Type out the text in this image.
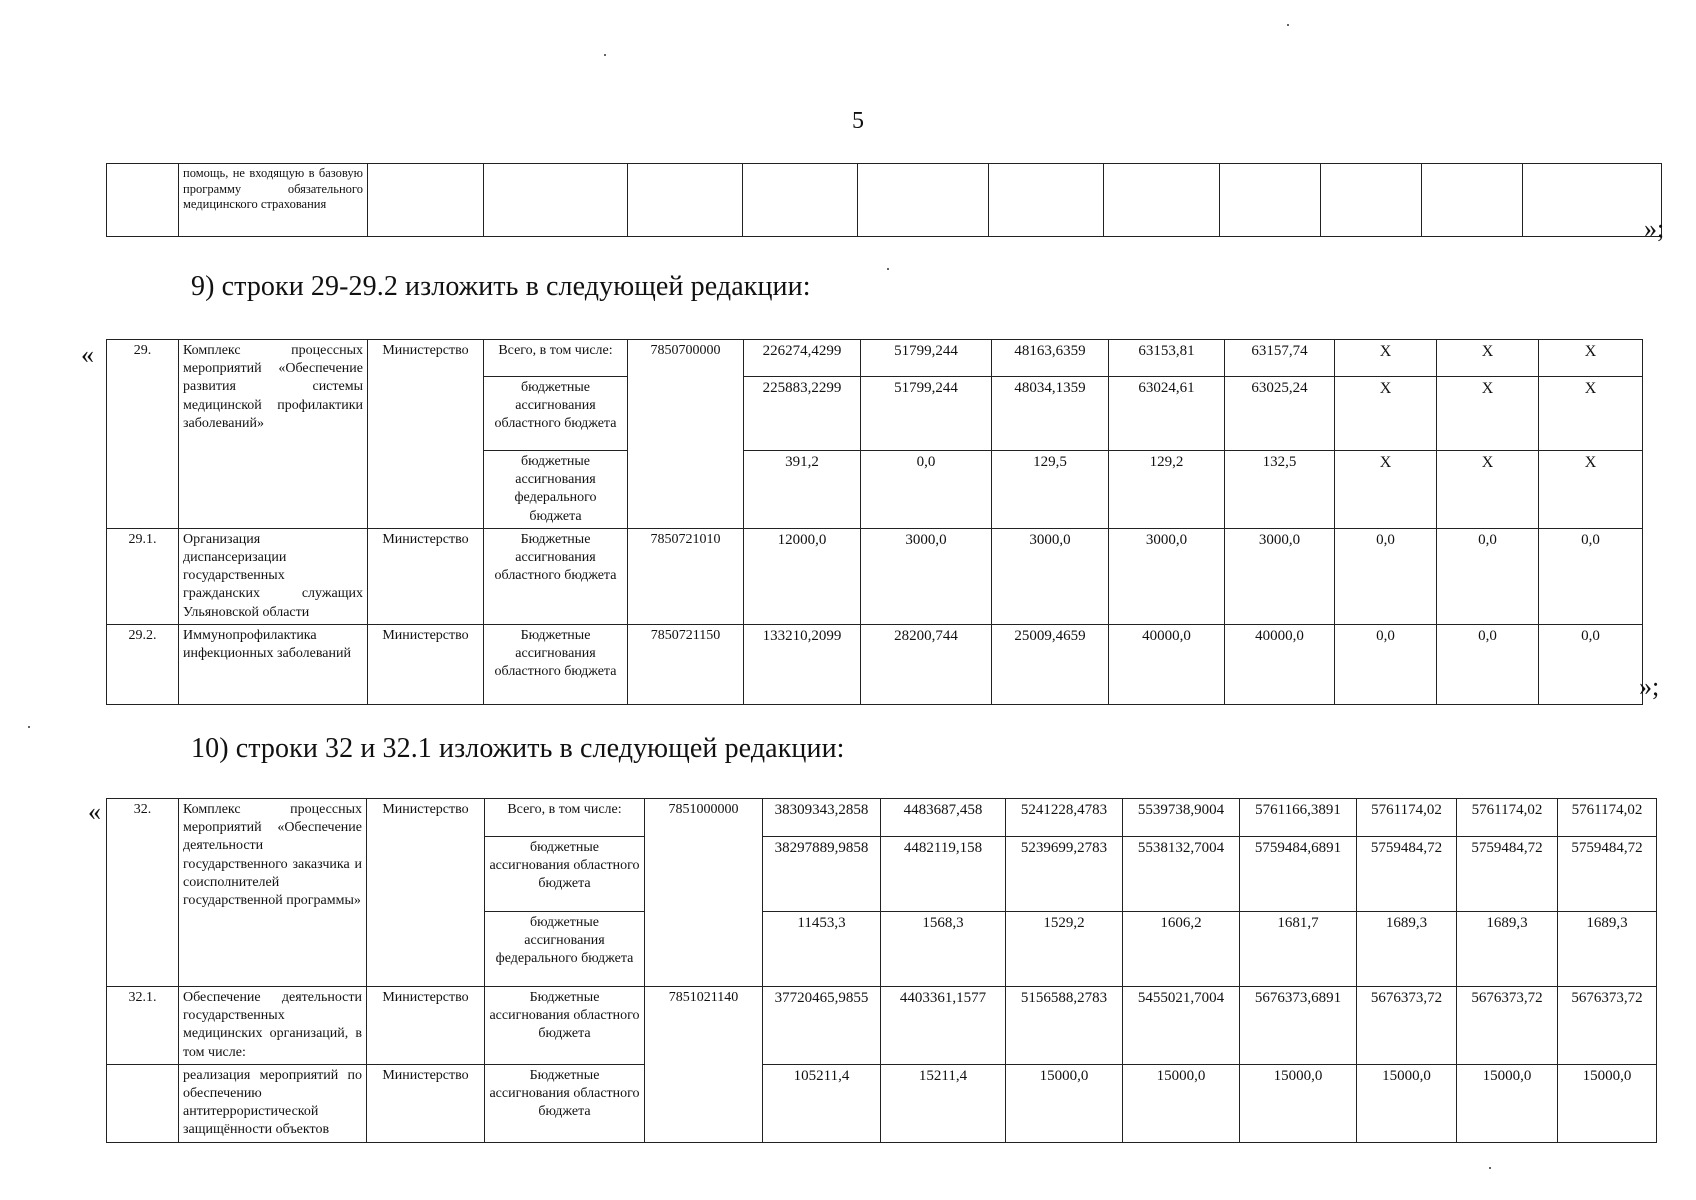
5
	помощь, не входящую в базовую программу обязательного медицинского страхования											
»;
9) строки 29-29.2 изложить в следующей редакции:
«	29.	Комплекс процессных мероприятий «Обеспечение развития системы медицинской профилактики заболеваний»	Министерство	Всего, в том числе:	7850700000	226274,4299	51799,244	48163,6359	63153,81	63157,74	Х	Х	Х
			бюджетные ассигнования областного бюджета		225883,2299	51799,244	48034,1359	63024,61	63025,24	Х	Х	Х
			бюджетные ассигнования федерального бюджета		391,2	0,0	129,5	129,2	132,5	Х	Х	Х
29.1.	Организация диспансеризации государственных гражданских служащих Ульяновской области	Министерство	Бюджетные ассигнования областного бюджета	7850721010	12000,0	3000,0	3000,0	3000,0	3000,0	0,0	0,0	0,0
29.2.	Иммунопрофилактика инфекционных заболеваний	Министерство	Бюджетные ассигнования областного бюджета	7850721150	133210,2099	28200,744	25009,4659	40000,0	40000,0	0,0	0,0	0,0
»;
10) строки 32 и 32.1 изложить в следующей редакции:
« 32.	Комплекс процессных мероприятий «Обеспечение деятельности государственного заказчика и соисполнителей государственной программы»	Министерство	Всего, в том числе:	7851000000	38309343,2858	4483687,458	5241228,4783	5539738,9004	5761166,3891	5761174,02	5761174,02	5761174,02
			бюджетные ассигнования областного бюджета		38297889,9858	4482119,158	5239699,2783	5538132,7004	5759484,6891	5759484,72	5759484,72	5759484,72
			бюджетные ассигнования федерального бюджета		11453,3	1568,3	1529,2	1606,2	1681,7	1689,3	1689,3	1689,3
32.1.	Обеспечение деятельности государственных медицинских организаций, в том числе:	Министерство	Бюджетные ассигнования областного бюджета	7851021140	37720465,9855	4403361,1577	5156588,2783	5455021,7004	5676373,6891	5676373,72	5676373,72	5676373,72
	реализация мероприятий по обеспечению антитеррористической защищённости объектов	Министерство	Бюджетные ассигнования областного бюджета		105211,4	15211,4	15000,0	15000,0	15000,0	15000,0	15000,0	15000,0
